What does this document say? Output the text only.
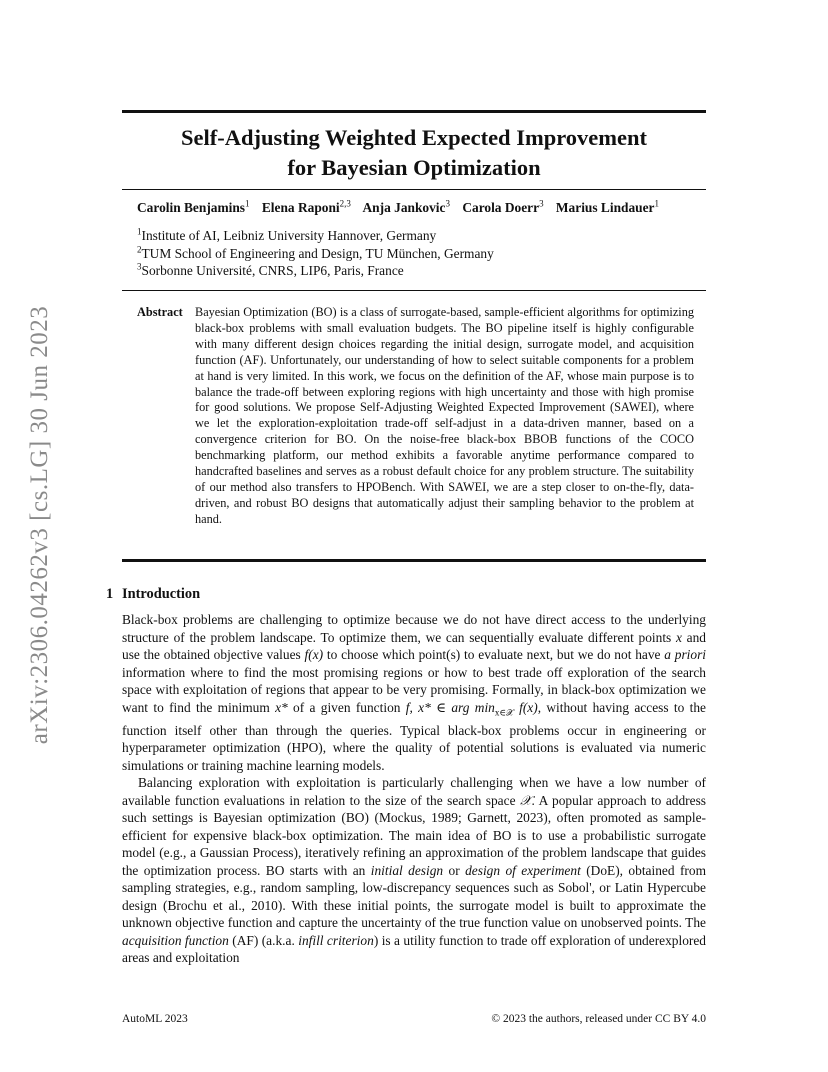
arXiv:2306.04262v3 [cs.LG] 30 Jun 2023
Self-Adjusting Weighted Expected Improvement
for Bayesian Optimization
Carolin Benjamins$^1$ Elena Raponi$^{2,3}$ Anja Jankovic$^3$ Carola Doerr$^3$ Marius Lindauer$^1$
$^1$Institute of AI, Leibniz University Hannover, Germany
$^2$TUM School of Engineering and Design, TU München, Germany
$^3$Sorbonne Université, CNRS, LIP6, Paris, France
Abstract Bayesian Optimization (BO) is a class of surrogate-based, sample-efficient algorithms for optimizing black-box problems with small evaluation budgets. The BO pipeline itself is highly configurable with many different design choices regarding the initial design, surrogate model, and acquisition function (AF). Unfortunately, our understanding of how to select suitable components for a problem at hand is very limited. In this work, we focus on the definition of the AF, whose main purpose is to balance the trade-off between exploring regions with high uncertainty and those with high promise for good solutions. We propose Self-Adjusting Weighted Expected Improvement (SAWEI), where we let the exploration-exploitation trade-off self-adjust in a data-driven manner, based on a convergence criterion for BO. On the noise-free black-box BBOB functions of the COCO benchmarking platform, our method exhibits a favorable anytime performance compared to handcrafted baselines and serves as a robust default choice for any problem structure. The suitability of our method also transfers to HPOBench. With SAWEI, we are a step closer to on-the-fly, data-driven, and robust BO designs that automatically adjust their sampling behavior to the problem at hand.
1 Introduction

Black-box problems are challenging to optimize because we do not have direct access to the underlying structure of the problem landscape. To optimize them, we can sequentially evaluate different points x and use the obtained objective values f(x) to choose which point(s) to evaluate next, but we do not have a priori information where to find the most promising regions or how to best trade off exploration of the search space with exploitation of regions that appear to be very promising. Formally, in black-box optimization we want to find the minimum x* of a given function f, x* ∈ arg $\min_{x\in 𝒳} f(x)$, without having access to the function itself other than through the queries. Typical black-box problems occur in engineering or hyperparameter optimization (HPO), where the quality of potential solutions is evaluated via numeric simulations or training machine learning models.

Balancing exploration with exploitation is particularly challenging when we have a low number of available function evaluations in relation to the size of the search space 𝒳. A popular approach to address such settings is Bayesian optimization (BO) (Mockus, 1989; Garnett, 2023), often promoted as sample-efficient for expensive black-box optimization. The main idea of BO is to use a probabilistic surrogate model (e.g., a Gaussian Process), iteratively refining an approximation of the problem landscape that guides the optimization process. BO starts with an initial design or design of experiment (DoE), obtained from sampling strategies, e.g., random sampling, low-discrepancy sequences such as Sobol', or Latin Hypercube design (Brochu et al., 2010). With these initial points, the surrogate model is built to approximate the unknown objective function and capture the uncertainty of the true function value on unobserved points. The acquisition function (AF) (a.k.a. infill criterion) is a utility function to trade off exploration of underexplored areas and exploitation

AutoML 2023	© 2023 the authors, released under CC BY 4.0
